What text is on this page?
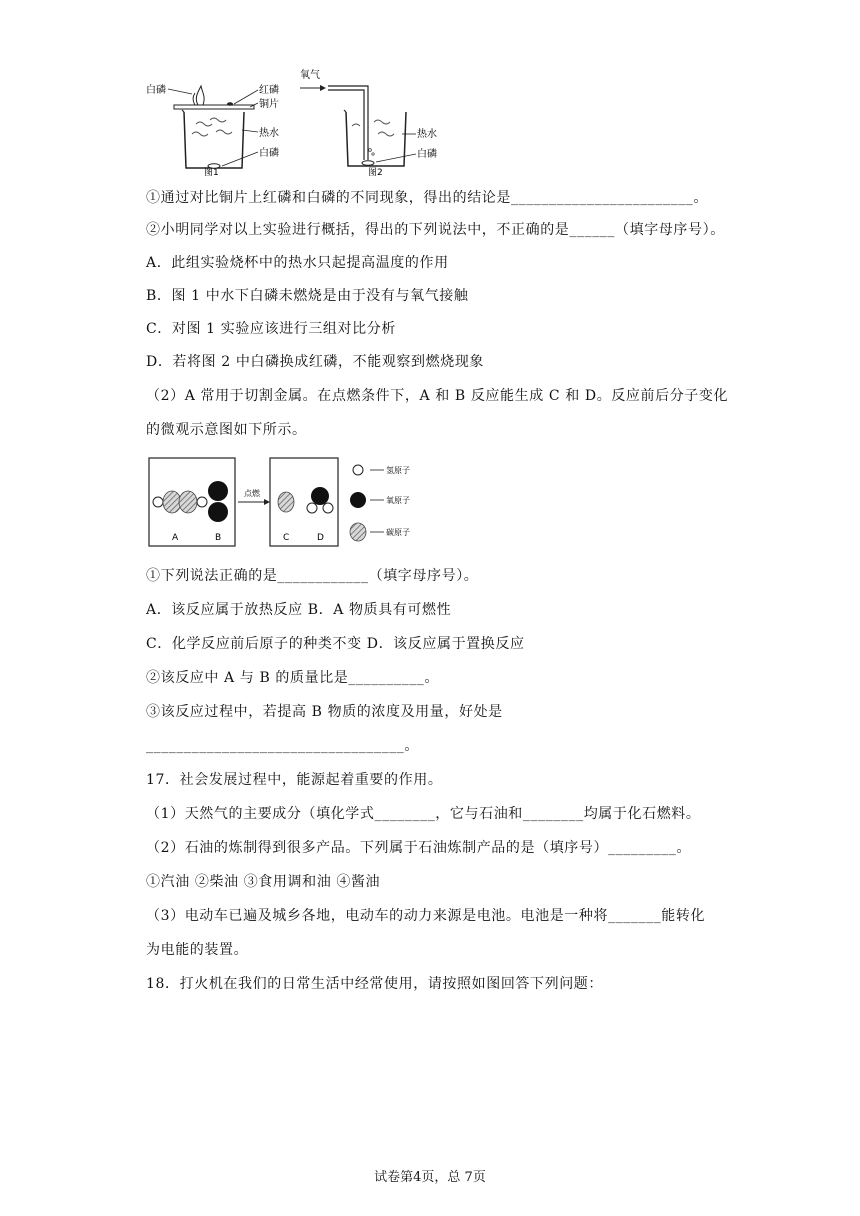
白磷	红磷
铜片
热水
白磷
图1
氧气
热水
白磷
图2
①通过对比铜片上红磷和白磷的不同现象，得出的结论是________________________。
②小明同学对以上实验进行概括，得出的下列说法中，不正确的是______（填字母序号）。
A．此组实验烧杯中的热水只起提高温度的作用
B．图 1 中水下白磷未燃烧是由于没有与氧气接触
C．对图 1 实验应该进行三组对比分析
D．若将图 2 中白磷换成红磷，不能观察到燃烧现象
（2）A 常用于切割金属。在点燃条件下，A 和 B 反应能生成 C 和 D。反应前后分子变化
的微观示意图如下所示。
A	B
点燃
C	D
氢原子
氧原子
碳原子
①下列说法正确的是____________（填字母序号）。
A．该反应属于放热反应 B．A 物质具有可燃性
C．化学反应前后原子的种类不变 D．该反应属于置换反应
②该反应中 A 与 B 的质量比是__________。
③该反应过程中，若提高 B 物质的浓度及用量，好处是
__________________________________。
17．社会发展过程中，能源起着重要的作用。
（1）天然气的主要成分（填化学式________，它与石油和________均属于化石燃料。
（2）石油的炼制得到很多产品。下列属于石油炼制产品的是（填序号）_________。
①汽油 ②柴油 ③食用调和油 ④酱油
（3）电动车已遍及城乡各地，电动车的动力来源是电池。电池是一种将_______能转化
为电能的装置。
18．打火机在我们的日常生活中经常使用，请按照如图回答下列问题：
试卷第4页，总 7页
